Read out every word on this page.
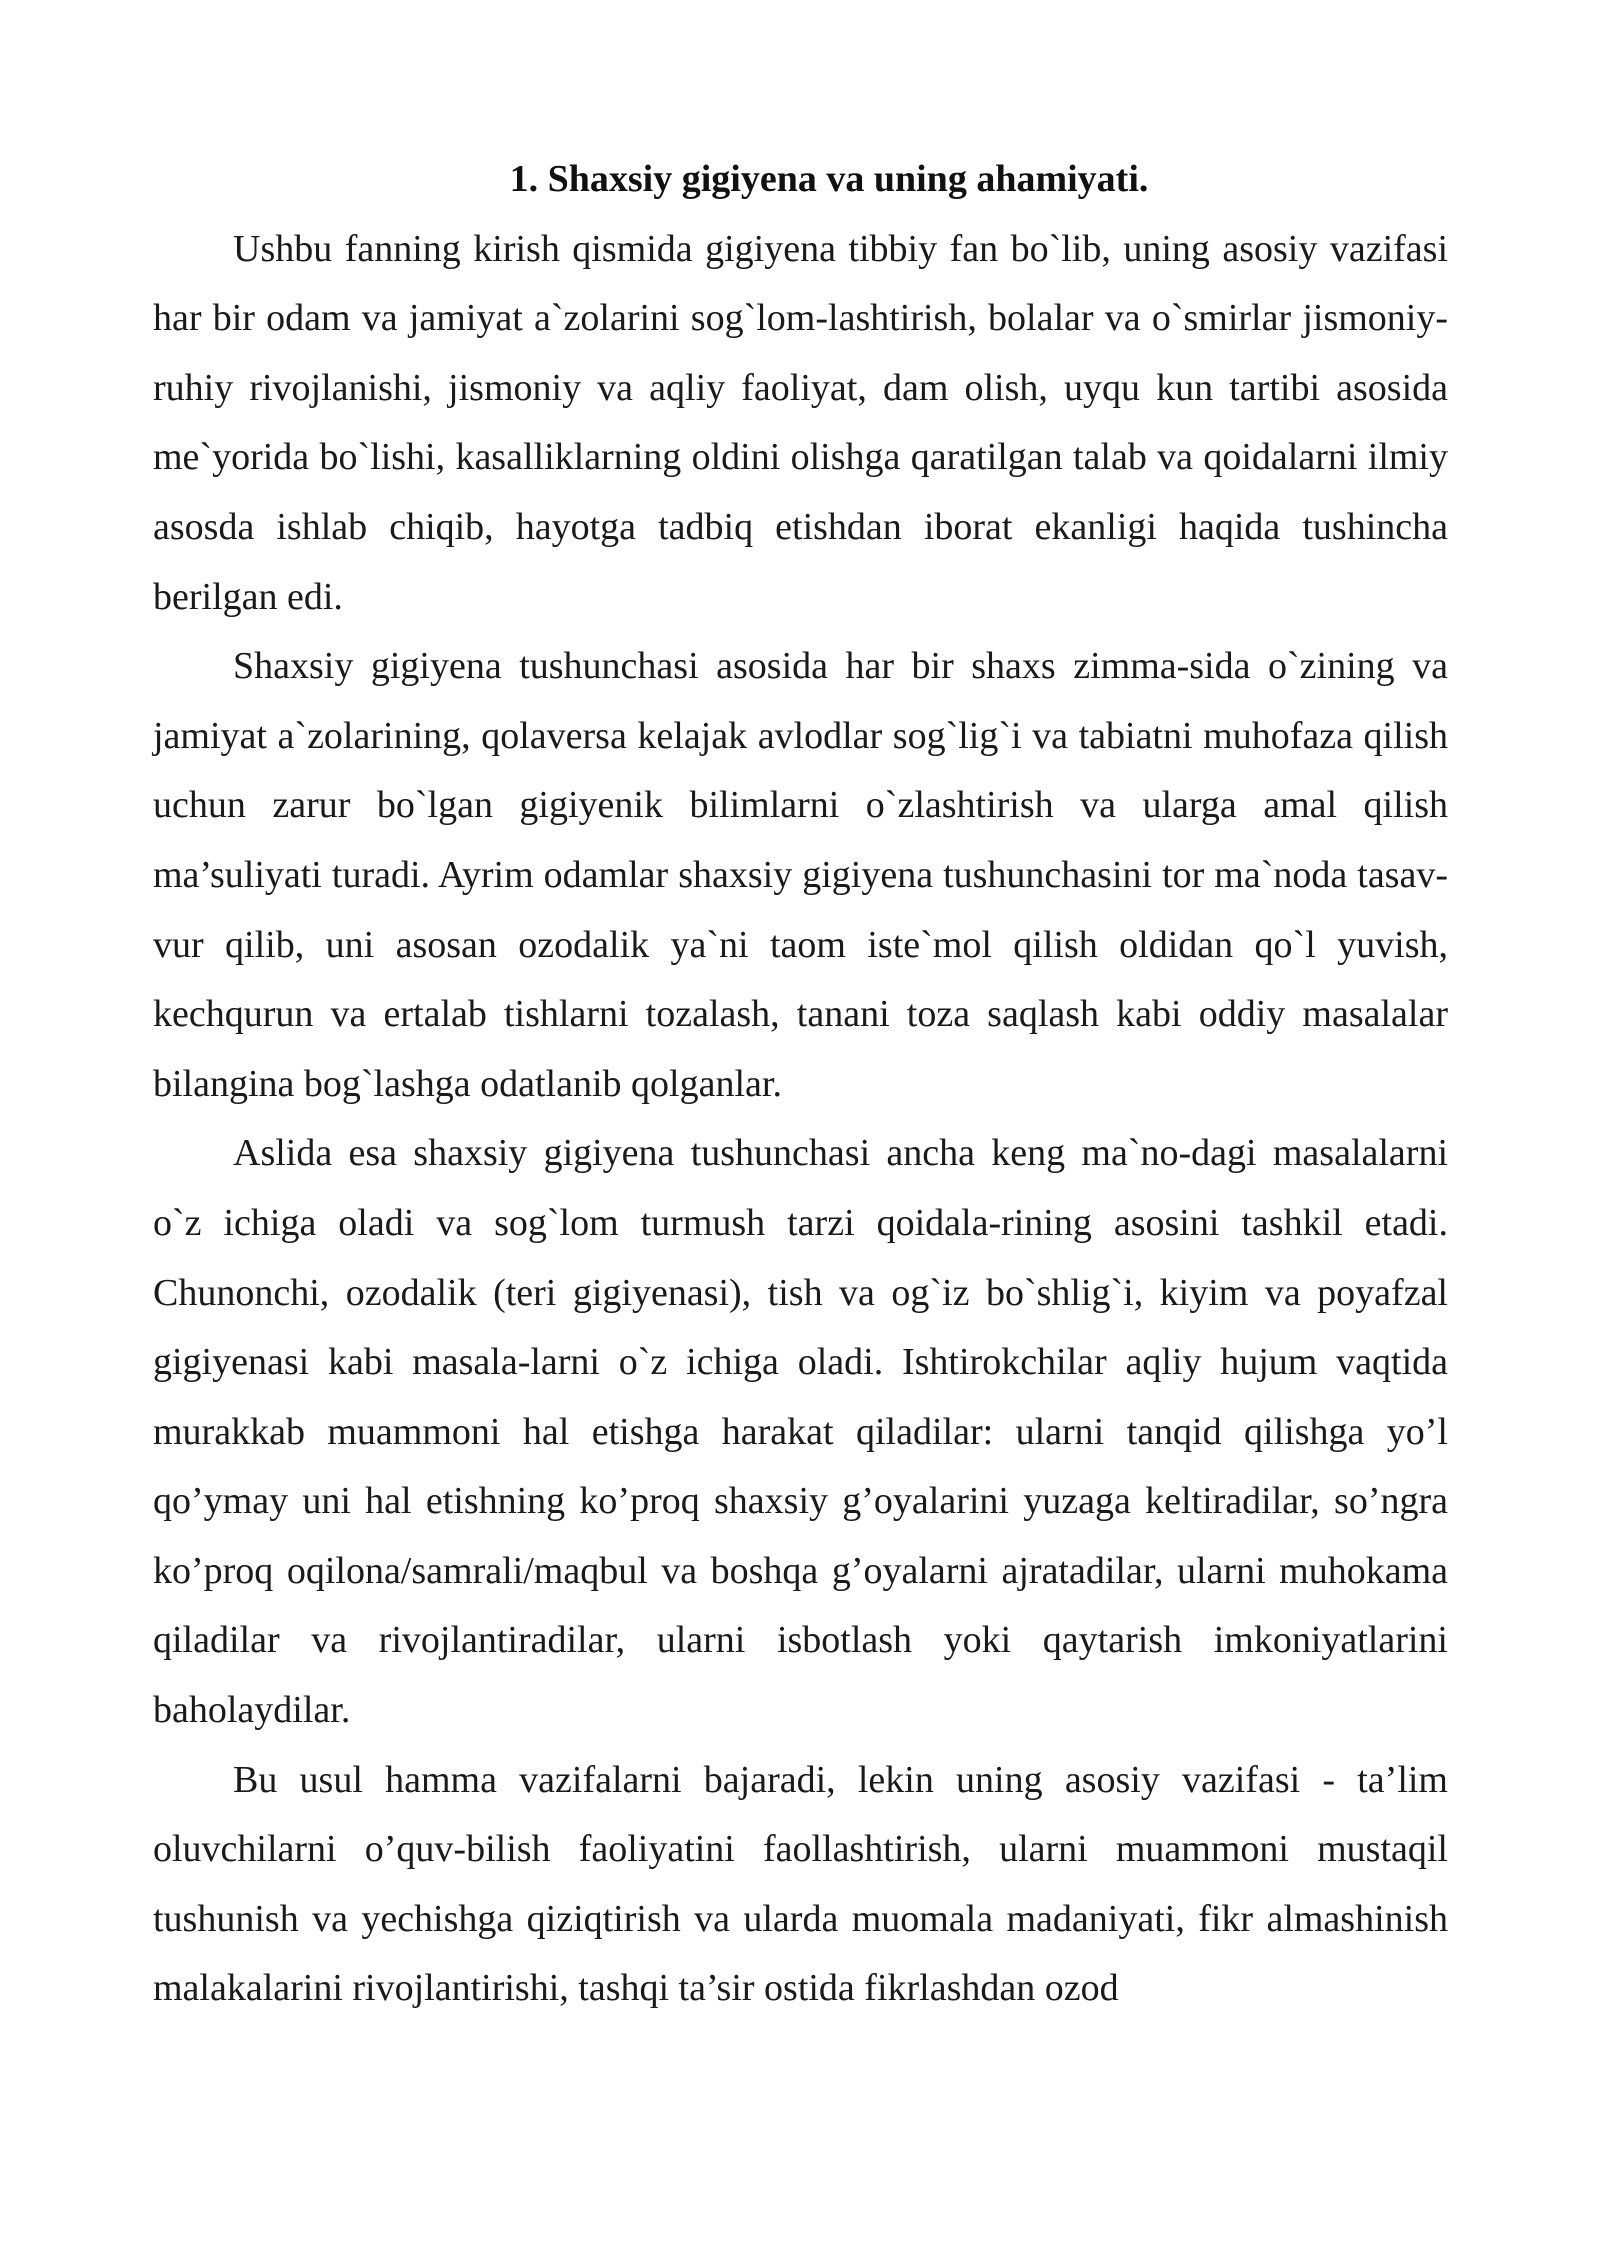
1. Shaxsiy gigiyena va uning ahamiyati.

Ushbu fanning kirish qismida gigiyena tibbiy fan bo`lib, uning asosiy vazifasi har bir odam va jamiyat a`zolarini sog`lom-lashtirish, bolalar va o`smirlar jismoniy-ruhiy rivojlanishi, jismoniy va aqliy faoliyat, dam olish, uyqu kun tartibi asosida me`yorida bo`lishi, kasalliklarning oldini olishga qaratilgan talab va qoidalarni ilmiy asosda ishlab chiqib, hayotga tadbiq etishdan iborat ekanligi haqida tushincha berilgan edi.

Shaxsiy gigiyena tushunchasi asosida har bir shaxs zimma-sida o`zining va jamiyat a`zolarining, qolaversa kelajak avlodlar sog`lig`i va tabiatni muhofaza qilish uchun zarur bo`lgan gigiyenik bilimlarni o`zlashtirish va ularga amal qilish ma’suliyati turadi. Ayrim odamlar shaxsiy gigiyena tushunchasini tor ma`noda tasav-vur qilib, uni asosan ozodalik ya`ni taom iste`mol qilish oldidan qo`l yuvish, kechqurun va ertalab tishlarni tozalash, tanani toza saqlash kabi oddiy masalalar bilangina bog`lashga odatlanib qolganlar.

Aslida esa shaxsiy gigiyena tushunchasi ancha keng ma`no-dagi masalalarni o`z ichiga oladi va sog`lom turmush tarzi qoidala-rining asosini tashkil etadi. Chunonchi, ozodalik (teri gigiyenasi), tish va og`iz bo`shlig`i, kiyim va poyafzal gigiyenasi kabi masala-larni o`z ichiga oladi. Ishtirokchilar aqliy hujum vaqtida murakkab muammoni hal etishga harakat qiladilar: ularni tanqid qilishga yo’l qo’ymay uni hal etishning ko’proq shaxsiy g’oyalarini yuzaga keltiradilar, so’ngra ko’proq oqilona/samrali/maqbul va boshqa g’oyalarni ajratadilar, ularni muhokama qiladilar va rivojlantiradilar, ularni isbotlash yoki qaytarish imkoniyatlarini baholaydilar.

Bu usul hamma vazifalarni bajaradi, lekin uning asosiy vazifasi - ta’lim oluvchilarni o’quv-bilish faoliyatini faollashtirish, ularni muammoni mustaqil tushunish va yechishga qiziqtirish va ularda muomala madaniyati, fikr almashinish malakalarini rivojlantirishi, tashqi ta’sir ostida fikrlashdan ozod
